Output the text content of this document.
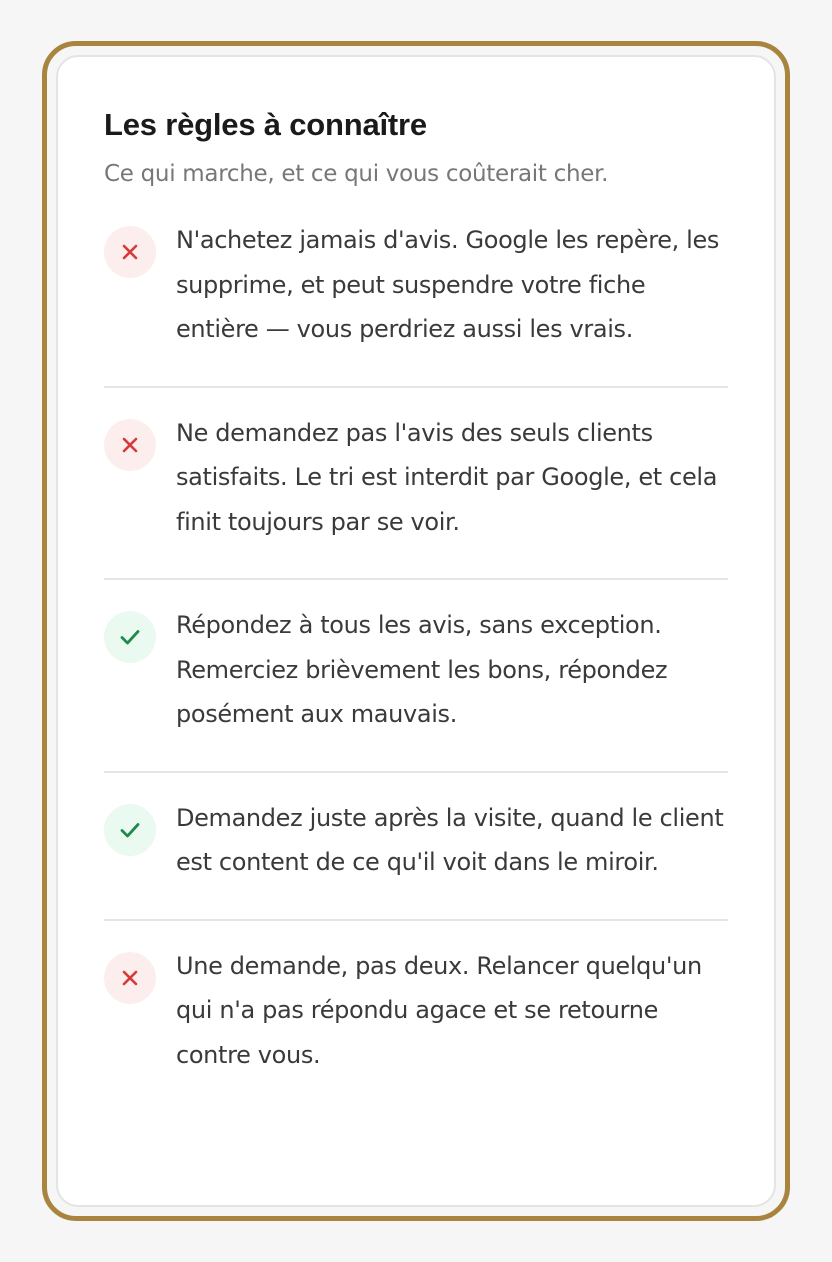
Les règles à connaître

Ce qui marche, et ce qui vous coûterait cher.

N'achetez jamais d'avis. Google les repère, les supprime, et peut suspendre votre fiche entière — vous perdriez aussi les vrais.
Ne demandez pas l'avis des seuls clients satisfaits. Le tri est interdit par Google, et cela finit toujours par se voir.
Répondez à tous les avis, sans exception. Remerciez brièvement les bons, répondez posément aux mauvais.
Demandez juste après la visite, quand le client est content de ce qu'il voit dans le miroir.
Une demande, pas deux. Relancer quelqu'un qui n'a pas répondu agace et se retourne contre vous.
